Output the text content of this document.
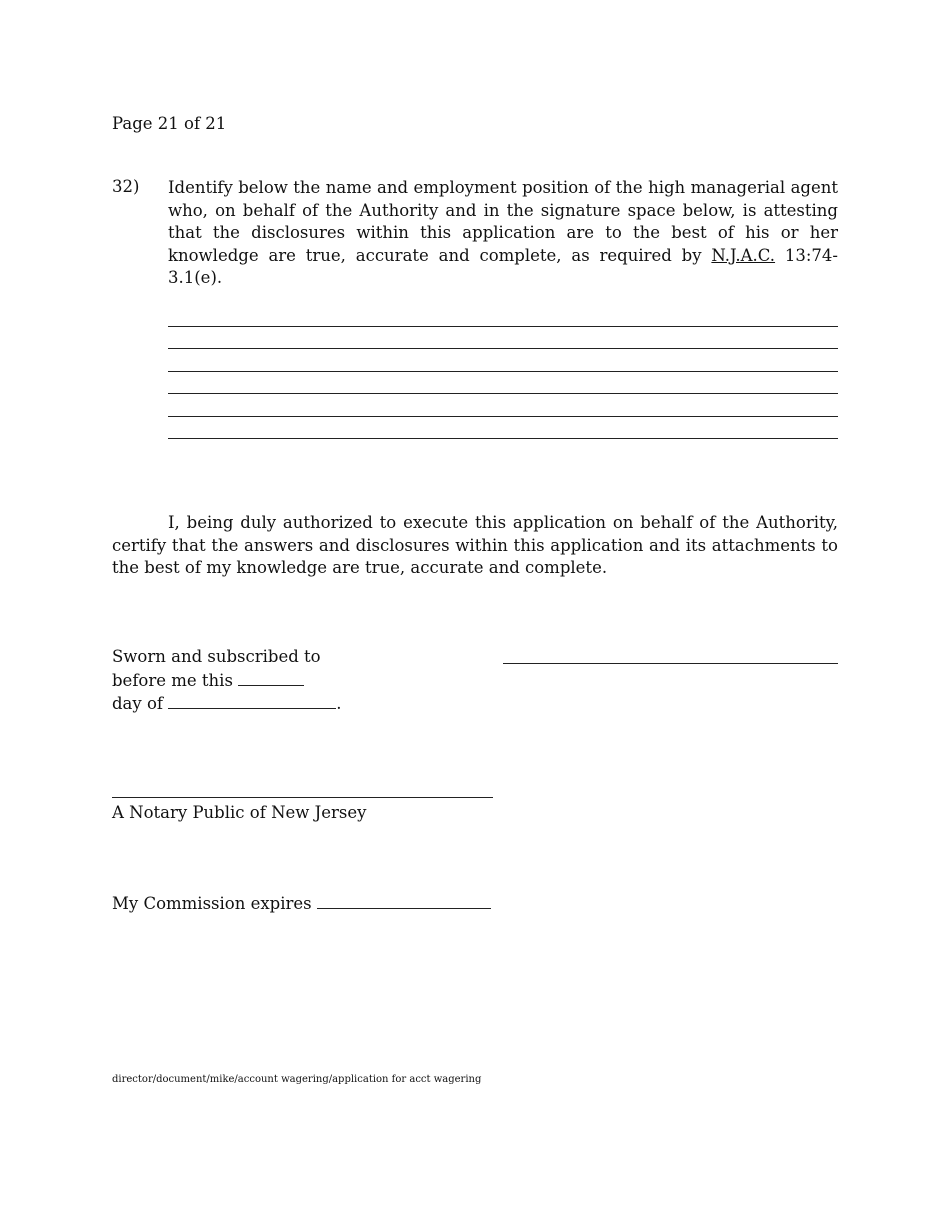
Page 21 of 21
32) Identify below the name and employment position of the high managerial agent
who, on behalf of the Authority and in the signature space below, is attesting
that the disclosures within this application are to the best of his or her
knowledge are true, accurate and complete, as required by N.J.A.C. 13:74-3.1(e).
I, being duly authorized to execute this application on behalf of the Authority, certify that the answers and disclosures within this application and its attachments to the best of my knowledge are true, accurate and complete.
Sworn and subscribed to
before me this
day of	.
A Notary Public of New Jersey
My Commission expires
director/document/mike/account wagering/application for acct wagering
